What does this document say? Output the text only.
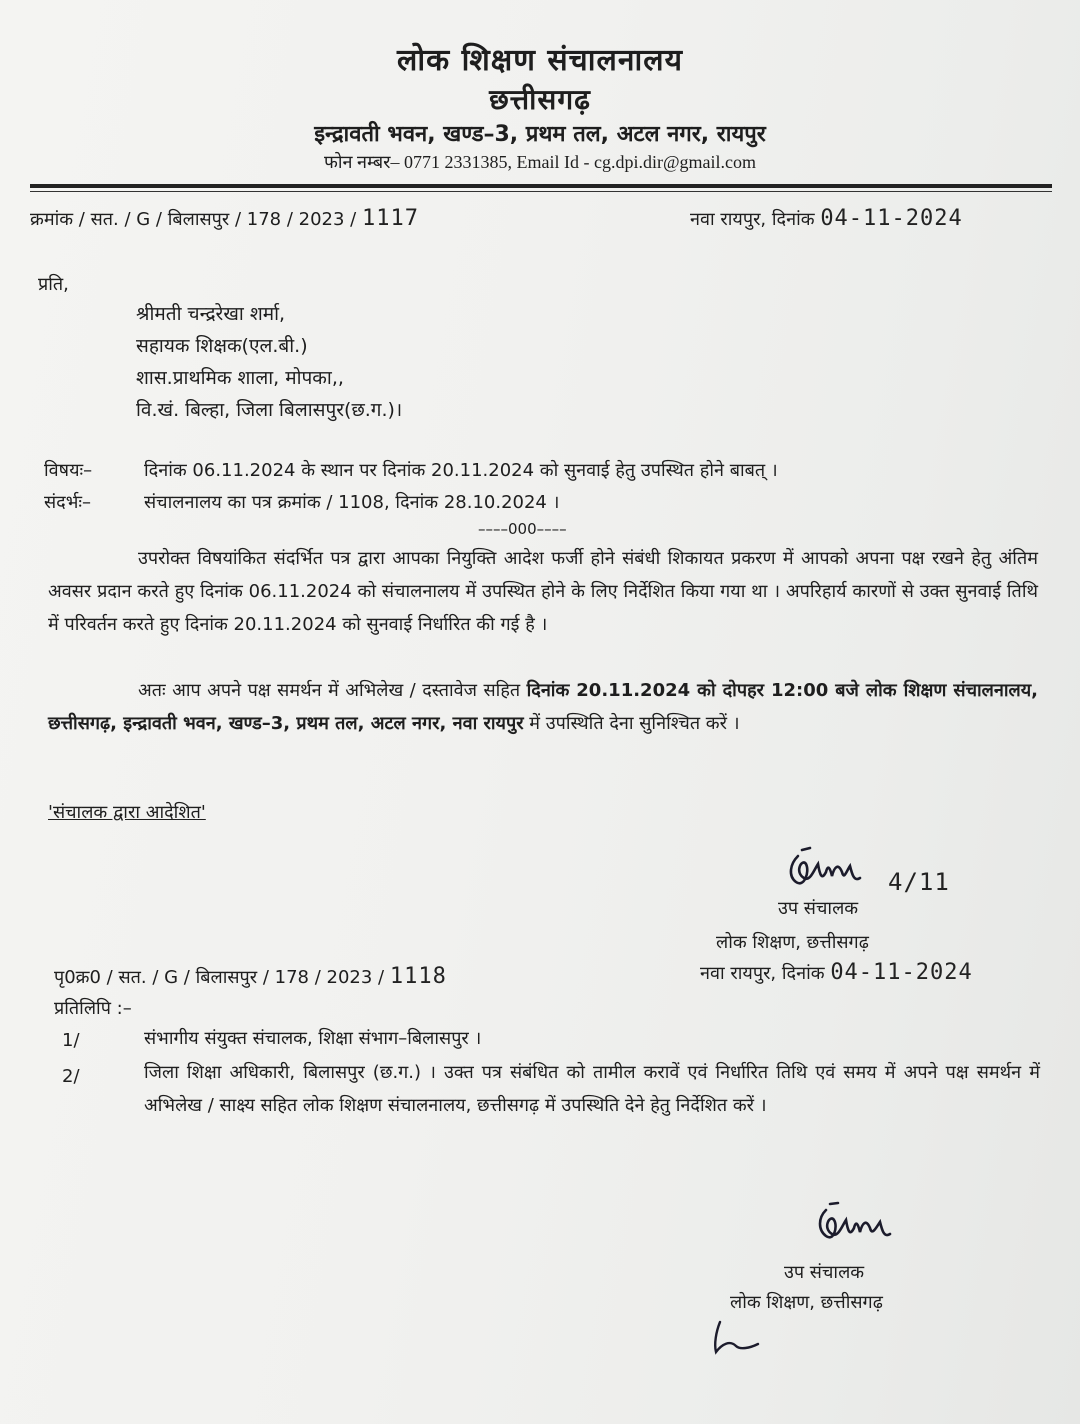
लोक शिक्षण संचालनालय
छत्तीसगढ़
इन्द्रावती भवन, खण्ड–3, प्रथम तल, अटल नगर, रायपुर
फोन नम्बर– 0771 2331385, Email Id - cg.dpi.dir@gmail.com
क्रमांक / सत. / G / बिलासपुर / 178 / 2023 / 1117	नवा रायपुर, दिनांक 04-11-2024
प्रति,
श्रीमती चन्द्ररेखा शर्मा,
सहायक शिक्षक(एल.बी.)
शास.प्राथमिक शाला, मोपका,,
वि.खं. बिल्हा, जिला बिलासपुर(छ.ग.)।
विषयः–	दिनांक 06.11.2024 के स्थान पर दिनांक 20.11.2024 को सुनवाई हेतु उपस्थित होने बाबत् ।
संदर्भः–	संचालनालय का पत्र क्रमांक / 1108, दिनांक 28.10.2024 ।
––––000––––
उपरोक्त विषयांकित संदर्भित पत्र द्वारा आपका नियुक्ति आदेश फर्जी होने संबंधी शिकायत प्रकरण में आपको अपना पक्ष रखने हेतु अंतिम अवसर प्रदान करते हुए दिनांक 06.11.2024 को संचालनालय में उपस्थित होने के लिए निर्देशित किया गया था । अपरिहार्य कारणों से उक्त सुनवाई तिथि में परिवर्तन करते हुए दिनांक 20.11.2024 को सुनवाई निर्धारित की गई है ।
अतः आप अपने पक्ष समर्थन में अभिलेख / दस्तावेज सहित दिनांक 20.11.2024 को दोपहर 12:00 बजे लोक शिक्षण संचालनालय, छत्तीसगढ़, इन्द्रावती भवन, खण्ड–3, प्रथम तल, अटल नगर, नवा रायपुर में उपस्थिति देना सुनिश्चित करें ।
'संचालक द्वारा आदेशित'
4/11
उप संचालक
लोक शिक्षण, छत्तीसगढ़
पृ0क्र0 / सत. / G / बिलासपुर / 178 / 2023 / 1118	नवा रायपुर, दिनांक 04-11-2024
प्रतिलिपि :–
1/	संभागीय संयुक्त संचालक, शिक्षा संभाग–बिलासपुर ।
2/	जिला शिक्षा अधिकारी, बिलासपुर (छ.ग.) । उक्त पत्र संबंधित को तामील करावें एवं निर्धारित तिथि एवं समय में अपने पक्ष समर्थन में अभिलेख / साक्ष्य सहित लोक शिक्षण संचालनालय, छत्तीसगढ़ में उपस्थिति देने हेतु निर्देशित करें ।
उप संचालक
लोक शिक्षण, छत्तीसगढ़
